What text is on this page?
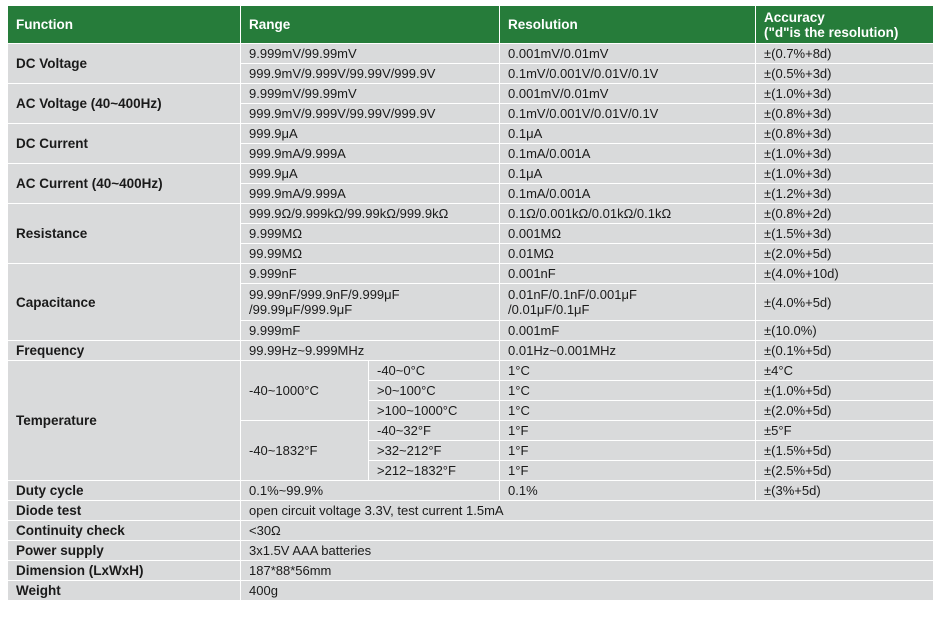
Function	Range		Resolution	Accuracy
("d"is the resolution)
DC Voltage	9.999mV/99.99mV		0.001mV/0.01mV	±(0.7%+8d)
	999.9mV/9.999V/99.99V/999.9V		0.1mV/0.001V/0.01V/0.1V	±(0.5%+3d)
AC Voltage (40~400Hz)	9.999mV/99.99mV		0.001mV/0.01mV	±(1.0%+3d)
	999.9mV/9.999V/99.99V/999.9V		0.1mV/0.001V/0.01V/0.1V	±(0.8%+3d)
DC Current	999.9μA		0.1μA	±(0.8%+3d)
	999.9mA/9.999A		0.1mA/0.001A	±(1.0%+3d)
AC Current (40~400Hz)	999.9μA		0.1μA	±(1.0%+3d)
	999.9mA/9.999A		0.1mA/0.001A	±(1.2%+3d)
Resistance	999.9Ω/9.999kΩ/99.99kΩ/999.9kΩ		0.1Ω/0.001kΩ/0.01kΩ/0.1kΩ	±(0.8%+2d)
	9.999MΩ		0.001MΩ	±(1.5%+3d)
	99.99MΩ		0.01MΩ	±(2.0%+5d)
Capacitance	9.999nF		0.001nF	±(4.0%+10d)
	99.99nF/999.9nF/9.999μF
/99.99μF/999.9μF		0.01nF/0.1nF/0.001μF
/0.01μF/0.1μF	±(4.0%+5d)
	9.999mF		0.001mF	±(10.0%)
Frequency	99.99Hz~9.999MHz		0.01Hz~0.001MHz	±(0.1%+5d)
Temperature	-40~1000°C	-40~0°C	1°C	±4°C
		>0~100°C	1°C	±(1.0%+5d)
		>100~1000°C	1°C	±(2.0%+5d)
	-40~1832°F	-40~32°F	1°F	±5°F
		>32~212°F	1°F	±(1.5%+5d)
		>212~1832°F	1°F	±(2.5%+5d)
Duty cycle	0.1%~99.9%		0.1%	±(3%+5d)
Diode test	open circuit voltage 3.3V, test current 1.5mA			
Continuity check	<30Ω			
Power supply	3x1.5V AAA batteries			
Dimension (LxWxH)	187*88*56mm			
Weight	400g			
